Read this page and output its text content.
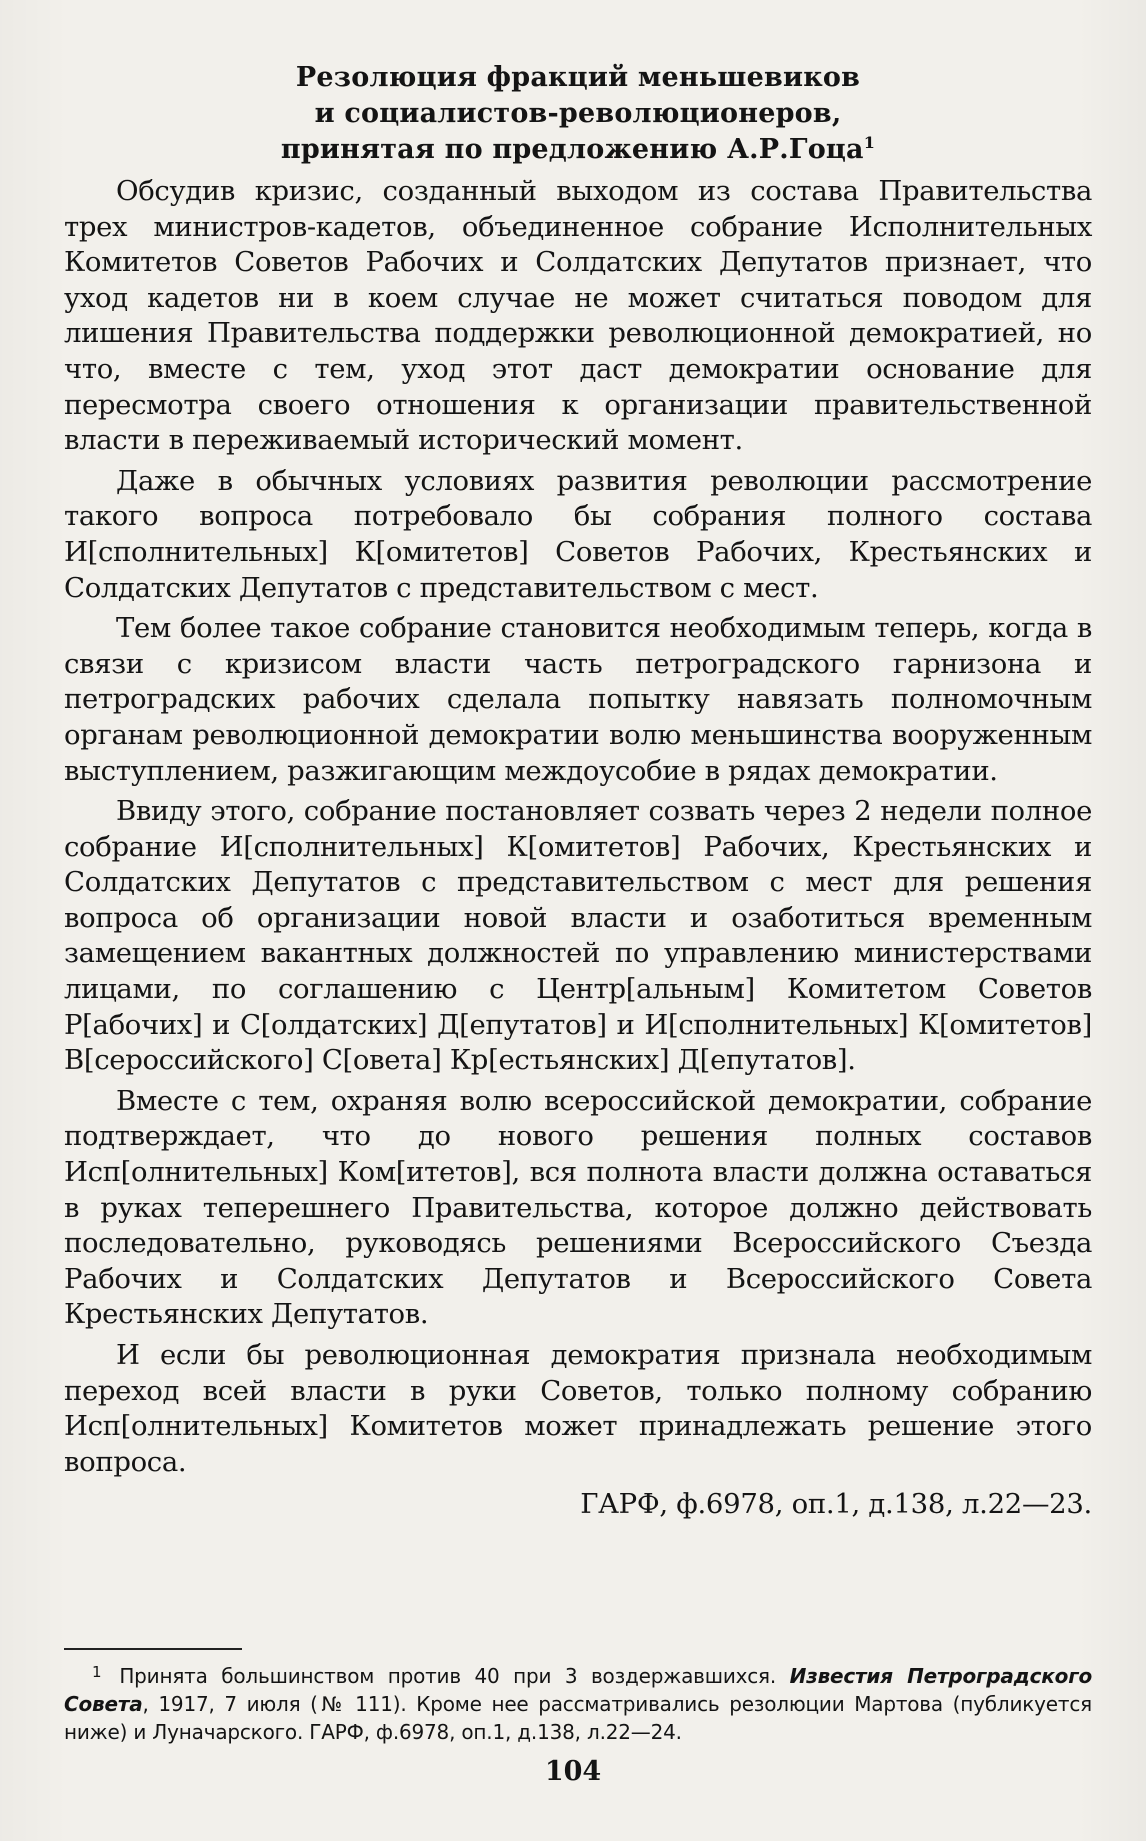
Резолюция фракций меньшевиков
и социалистов-революционеров,
принятая по предложению А.Р.Гоца$^1$

Обсудив кризис, созданный выходом из состава Правительства трех министров-кадетов, объединенное собрание Исполнительных Комитетов Советов Рабочих и Солдатских Депутатов признает, что уход кадетов ни в коем случае не может считаться поводом для лишения Правительства поддержки революционной демократией, но что, вместе с тем, уход этот даст демократии основание для пересмотра своего отношения к организации правительственной власти в переживаемый исторический момент.

Даже в обычных условиях развития революции рассмотрение такого вопроса потребовало бы собрания полного состава И[сполнительных] К[омитетов] Советов Рабочих, Крестьянских и Солдатских Депутатов с представительством с мест.

Тем более такое собрание становится необходимым теперь, когда в связи с кризисом власти часть петроградского гарнизона и петроградских рабочих сделала попытку навязать полномочным органам революционной демократии волю меньшинства вооруженным выступлением, разжигающим междоусобие в рядах демократии.

Ввиду этого, собрание постановляет созвать через 2 недели полное собрание И[сполнительных] К[омитетов] Рабочих, Крестьянских и Солдатских Депутатов с представительством с мест для решения вопроса об организации новой власти и озаботиться временным замещением вакантных должностей по управлению министерствами лицами, по соглашению с Центр[альным] Комитетом Советов Р[абочих] и С[олдатских] Д[епутатов] и И[сполнительных] К[омитетов] В[сероссийского] С[овета] Кр[естьянских] Д[епутатов].

Вместе с тем, охраняя волю всероссийской демократии, собрание подтверждает, что до нового решения полных составов Исп[олнительных] Ком[итетов], вся полнота власти должна оставаться в руках теперешнего Правительства, которое должно действовать последовательно, руководясь решениями Всероссийского Съезда Рабочих и Солдатских Депутатов и Всероссийского Совета Крестьянских Депутатов.

И если бы революционная демократия признала необходимым переход всей власти в руки Советов, только полному собранию Исп[олнительных] Комитетов может принадлежать решение этого вопроса.

ГАРФ, ф.6978, оп.1, д.138, л.22—23.

$^1$ Принята большинством против 40 при 3 воздержавшихся. Известия Петроградского Совета, 1917, 7 июля (№ 111). Кроме нее рассматривались резолюции Мартова (публикуется ниже) и Луначарского. ГАРФ, ф.6978, оп.1, д.138, л.22—24.

104
